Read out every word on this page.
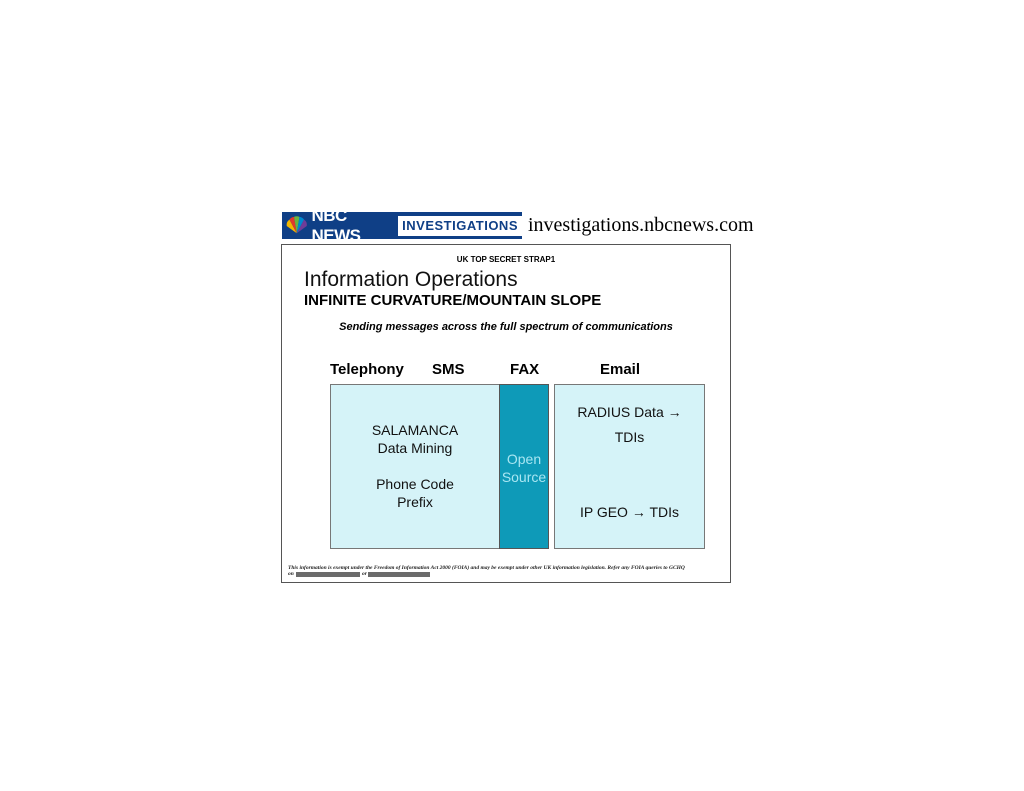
NBC NEWS
INVESTIGATIONS investigations.nbcnews.com
UK TOP SECRET STRAP1
Information Operations
INFINITE CURVATURE/MOUNTAIN SLOPE
Sending messages across the full spectrum of communications
Telephony SMS	FAX	Email
SALAMANCA
Data Mining
Phone Code
Prefix
Open
Source
RADIUS Data →
TDIs
IP GEO → TDIs
This information is exempt under the Freedom of Information Act 2000 (FOIA) and may be exempt under other UK information legislation. Refer any FOIA queries to GCHQ
on	or
